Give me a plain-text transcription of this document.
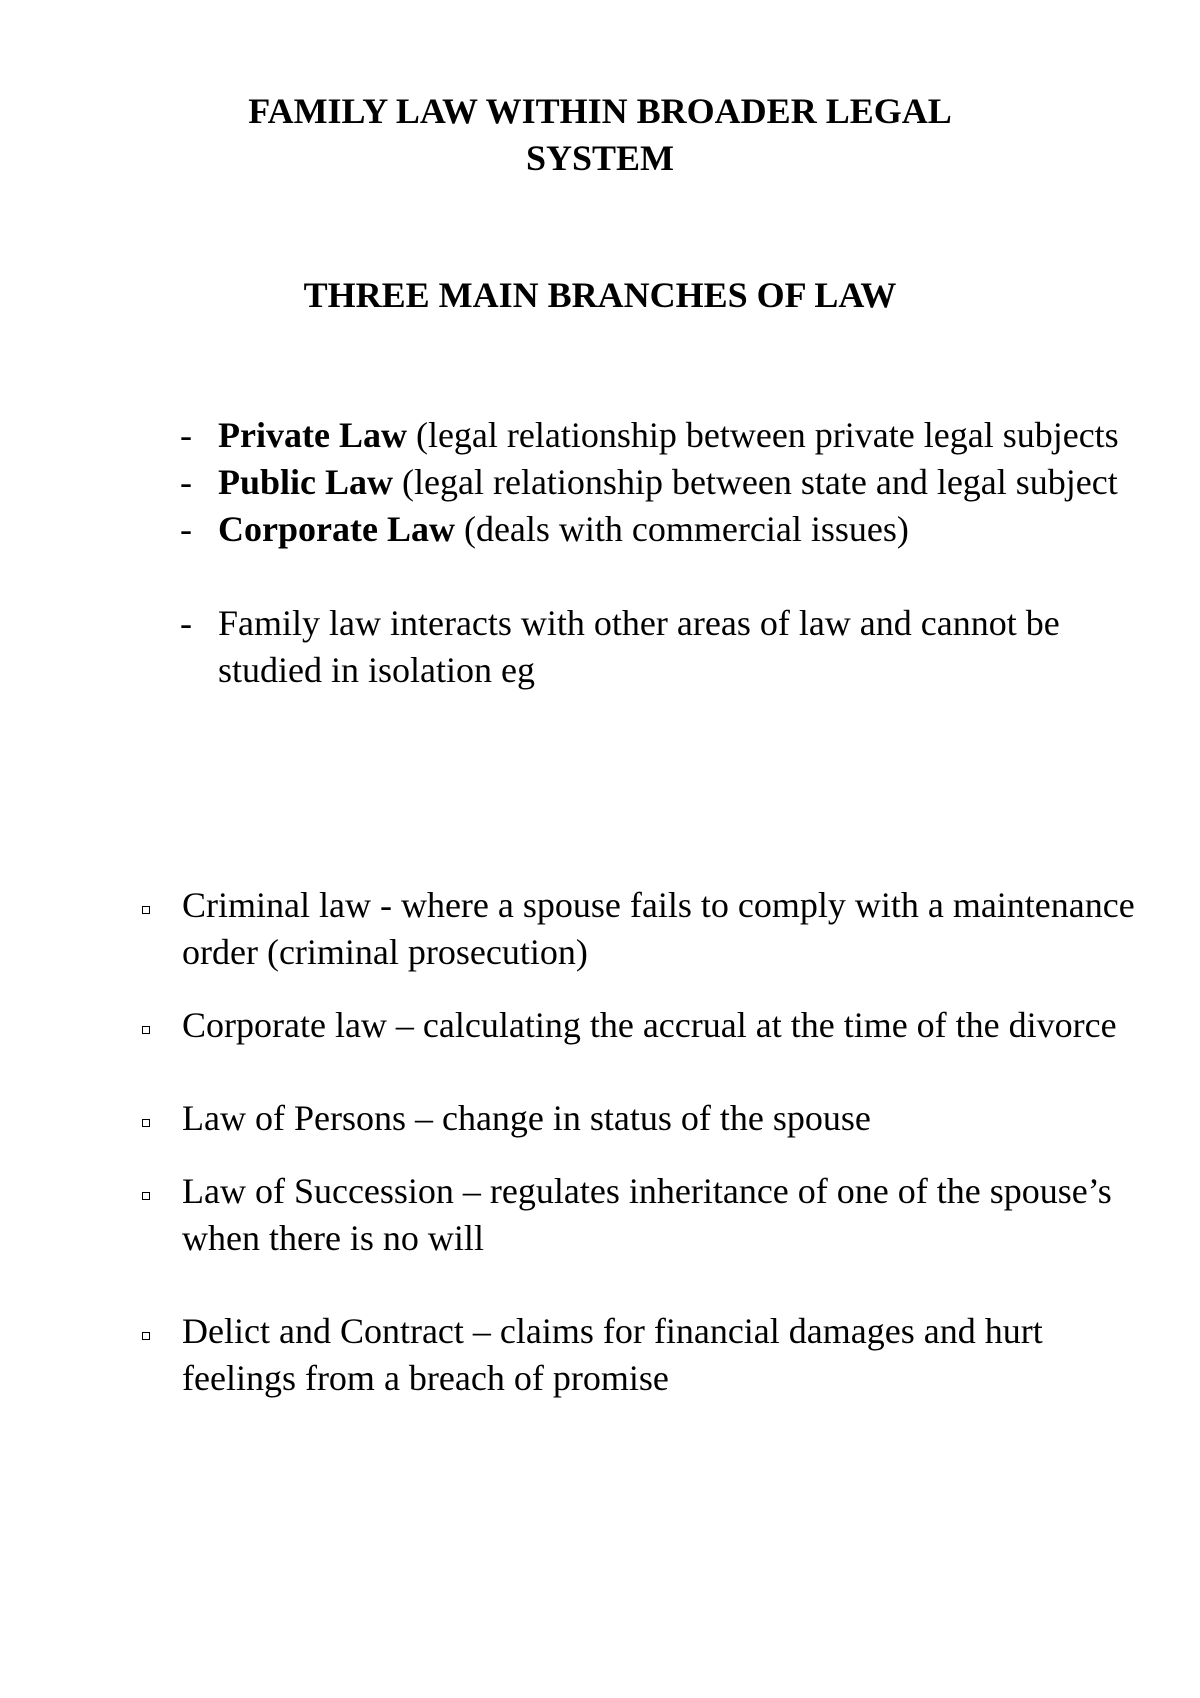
FAMILY LAW WITHIN BROADER LEGAL
SYSTEM
THREE MAIN BRANCHES OF LAW
- Private Law (legal relationship between private legal subjects
- Public Law (legal relationship between state and legal subject
- Corporate Law (deals with commercial issues)
- Family law interacts with other areas of law and cannot be studied in isolation eg
Criminal law - where a spouse fails to comply with a maintenance order (criminal prosecution)
Corporate law – calculating the accrual at the time of the divorce
Law of Persons – change in status of the spouse
Law of Succession – regulates inheritance of one of the spouse’s when there is no will
Delict and Contract – claims for financial damages and hurt feelings from a breach of promise
